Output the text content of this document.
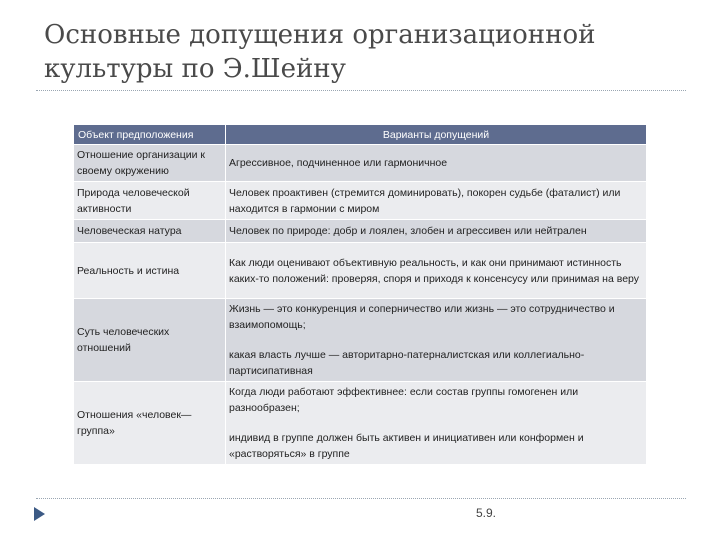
Основные допущения организационной культуры по Э.Шейну
Объект предположения	Варианты допущений
Отношение организации к своему окружению	Агрессивное, подчиненное или гармоничное

Природа человеческой активности	Человек проактивен (стремится доминировать), покорен судьбе (фаталист) или находится в гармонии с миром

Человеческая натура	Человек по природе: добр и лоялен, злобен и агрессивен или нейтрален

Реальность и истина	Как люди оценивают объективную реальность, и как они принимают истинность каких-то положений: проверяя, споря и приходя к консенсусу или принимая на веру

Суть человеческих отношений	Жизнь — это конкуренция и соперничество или жизнь — это сотрудничество и взаимопомощь;
какая власть лучше — авторитарно-патерналистская или коллегиально-партисипативная

Отношения «человек—группа»	Когда люди работают эффективнее: если состав группы гомогенен или разнообразен;
индивид в группе должен быть активен и инициативен или конформен и «растворяться» в группе
5.9.
